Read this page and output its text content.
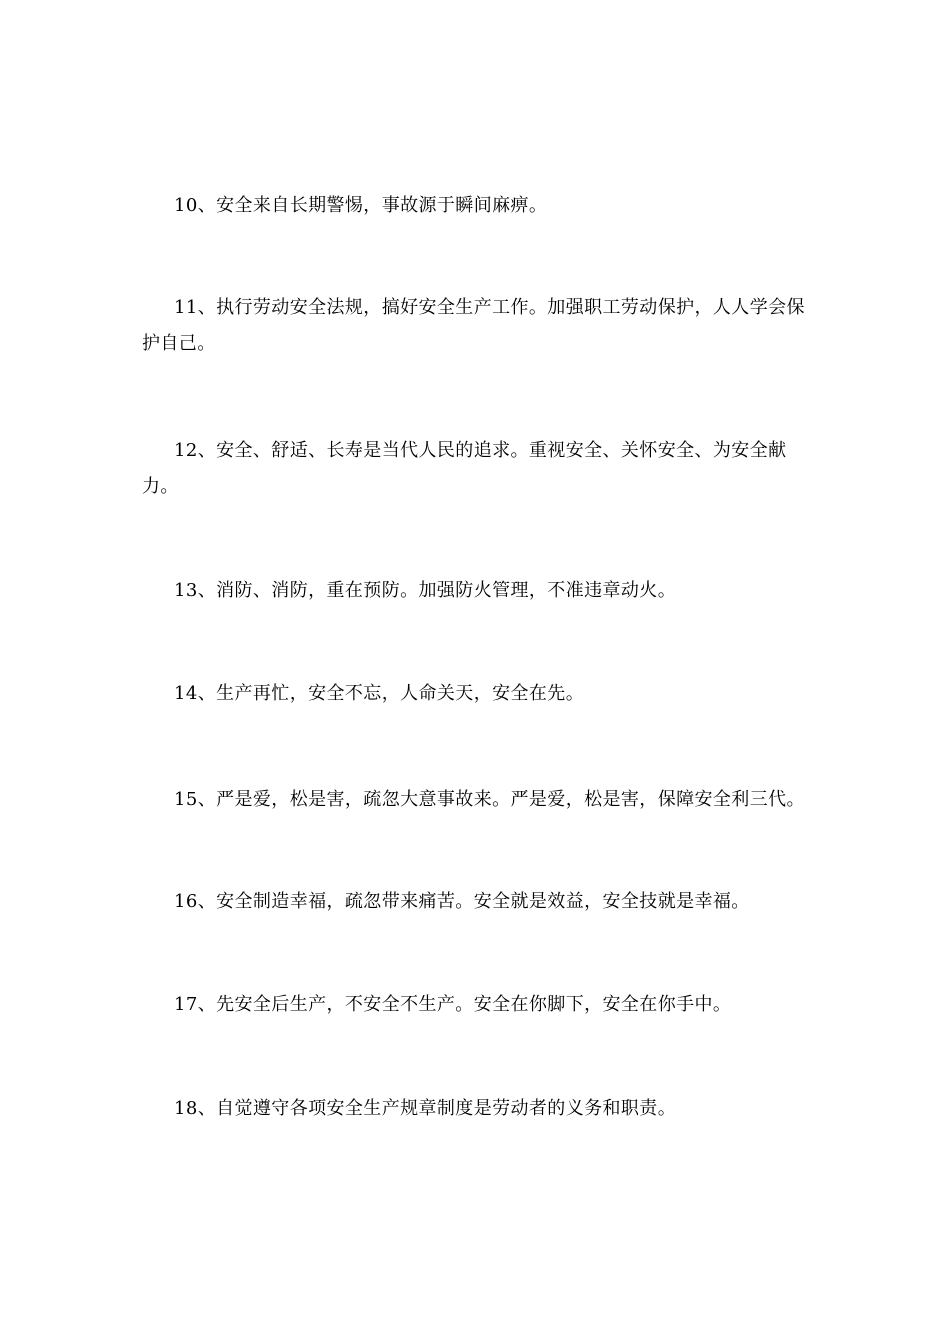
10、安全来自长期警惕，事故源于瞬间麻痹。

11、执行劳动安全法规，搞好安全生产工作。加强职工劳动保护，人人学会保护自己。

12、安全、舒适、长寿是当代人民的追求。重视安全、关怀安全、为安全献力。

13、消防、消防，重在预防。加强防火管理，不准违章动火。

14、生产再忙，安全不忘，人命关天，安全在先。

15、严是爱，松是害，疏忽大意事故来。严是爱，松是害，保障安全利三代。

16、安全制造幸福，疏忽带来痛苦。安全就是效益，安全技就是幸福。

17、先安全后生产，不安全不生产。安全在你脚下，安全在你手中。

18、自觉遵守各项安全生产规章制度是劳动者的义务和职责。
